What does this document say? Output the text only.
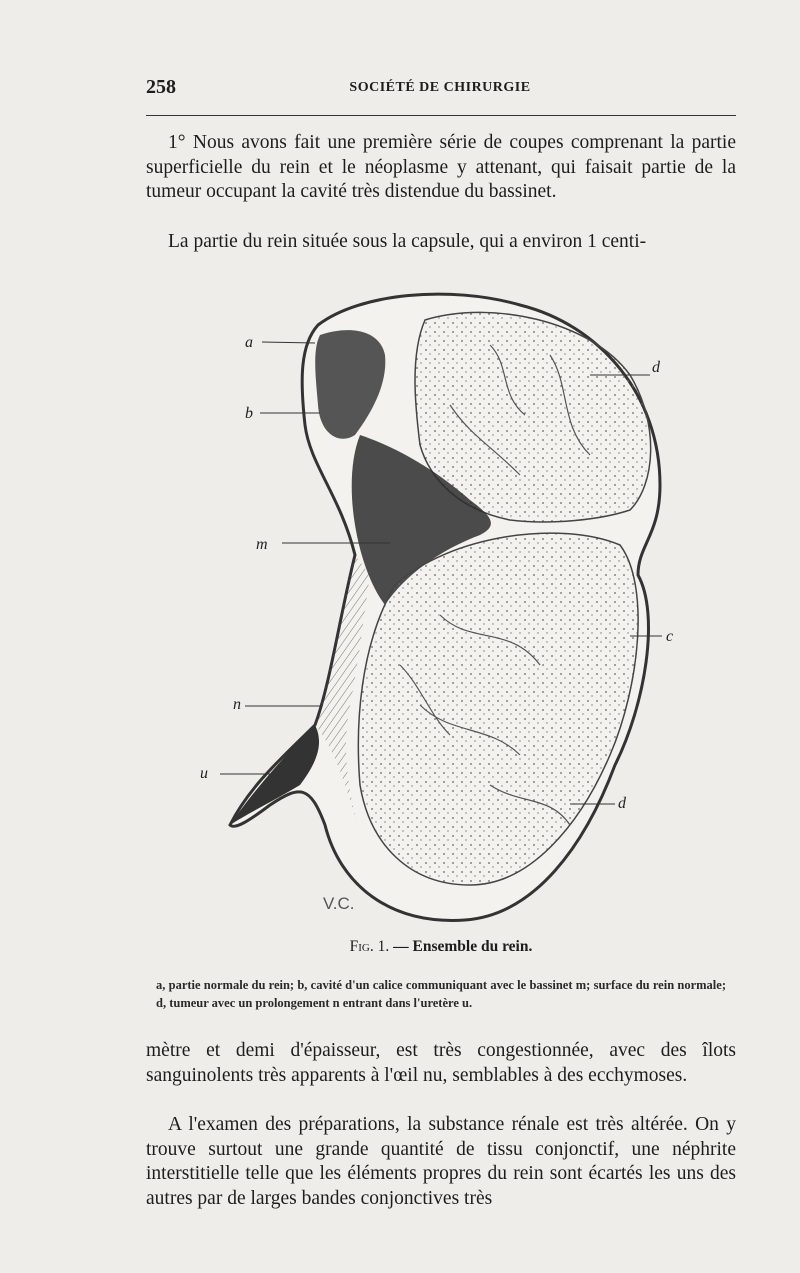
258	SOCIÉTÉ DE CHIRURGIE

1° Nous avons fait une première série de coupes comprenant la partie superficielle du rein et le néoplasme y attenant, qui faisait partie de la tumeur occupant la cavité très distendue du bassinet.

La partie du rein située sous la capsule, qui a environ 1 centi-

a
b
m
n
u
d
c
d
V.C.
Fig. 1. — Ensemble du rein.
a, partie normale du rein; b, cavité d'un calice communiquant avec le bassinet m; surface du rein normale; d, tumeur avec un prolongement n entrant dans l'uretère u.

mètre et demi d'épaisseur, est très congestionnée, avec des îlots sanguinolents très apparents à l'œil nu, semblables à des ecchymoses.

A l'examen des préparations, la substance rénale est très altérée. On y trouve surtout une grande quantité de tissu conjonctif, une néphrite interstitielle telle que les éléments propres du rein sont écartés les uns des autres par de larges bandes conjonctives très
